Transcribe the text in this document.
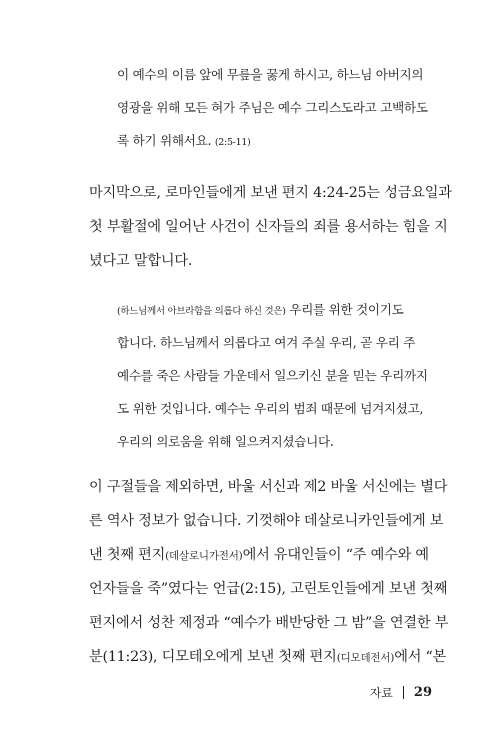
이 예수의 이름 앞에 무릎을 꿇게 하시고, 하느님 아버지의
영광을 위해 모든 혀가 주님은 예수 그리스도라고 고백하도
록 하기 위해서요. (2:5-11)
마지막으로, 로마인들에게 보낸 편지 4:24-25는 성금요일과
첫 부활절에 일어난 사건이 신자들의 죄를 용서하는 힘을 지
녔다고 말합니다.
(하느님께서 아브라함을 의롭다 하신 것은) 우리를 위한 것이기도
합니다. 하느님께서 의롭다고 여겨 주실 우리, 곧 우리 주
예수를 죽은 사람들 가운데서 일으키신 분을 믿는 우리까지
도 위한 것입니다. 예수는 우리의 범죄 때문에 넘겨지셨고,
우리의 의로움을 위해 일으켜지셨습니다.
이 구절들을 제외하면, 바울 서신과 제2 바울 서신에는 별다
른 역사 정보가 없습니다. 기껏해야 데살로니카인들에게 보
낸 첫째 편지(데살로니가전서)에서 유대인들이 “주 예수와 예
언자들을 죽”였다는 언급(2:15), 고린토인들에게 보낸 첫째
편지에서 성찬 제정과 “예수가 배반당한 그 밤”을 연결한 부
분(11:23), 디모테오에게 보낸 첫째 편지(디모데전서)에서 “본
자료 29
